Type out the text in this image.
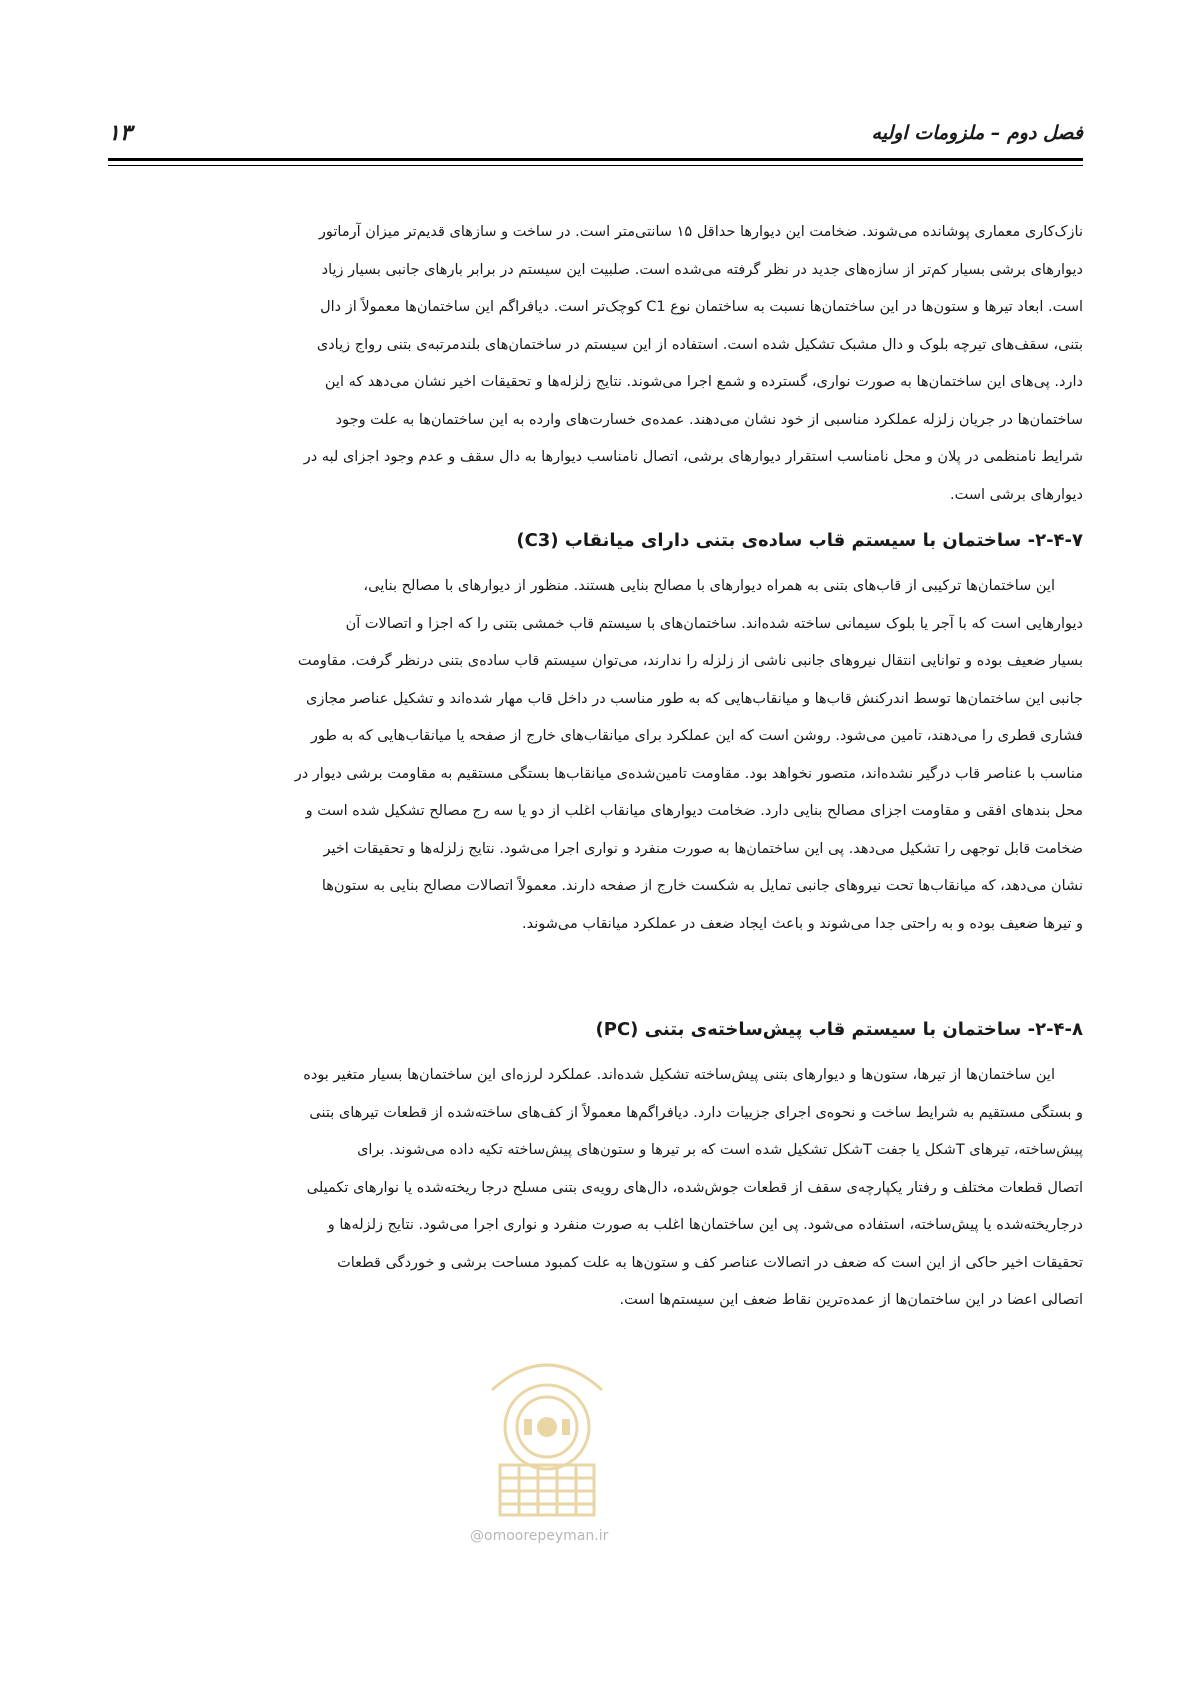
فصل دوم – ملزومات اولیه
۱۳

نازک‌کاری معماری پوشانده می‌شوند. ضخامت این دیوارها حداقل ۱۵ سانتی‌متر است. در ساخت و سازهای قدیم‌تر میزان آرماتور

دیوارهای برشی بسیار کم‌تر از سازه‌های جدید در نظر گرفته می‌شده است. صلبیت این سیستم در برابر بارهای جانبی بسیار زیاد

است. ابعاد تیرها و ستون‌ها در این ساختمان‌ها نسبت به ساختمان نوع C1 کوچک‌تر است. دیافراگم این ساختمان‌ها معمولاً از دال

بتنی، سقف‌های تیرچه بلوک و دال مشبک تشکیل شده است. استفاده از این سیستم در ساختمان‌های بلندمرتبه‌ی بتنی رواج زیادی

دارد. پی‌های این ساختمان‌ها به صورت نواری، گسترده و شمع اجرا می‌شوند. نتایج زلزله‌ها و تحقیقات اخیر نشان می‌دهد که این

ساختمان‌ها در جریان زلزله عملکرد مناسبی از خود نشان می‌دهند. عمده‌ی خسارت‌های وارده به این ساختمان‌ها به علت وجود

شرایط نامنظمی در پلان و محل نامناسب استقرار دیوارهای برشی، اتصال نامناسب دیوارها به دال سقف و عدم وجود اجزای لبه در

دیوارهای برشی است.

۲-۴-۷- ساختمان با سیستم قاب ساده‌ی بتنی دارای میانقاب (C3)

این ساختمان‌ها ترکیبی از قاب‌های بتنی به همراه دیوارهای با مصالح بنایی هستند. منظور از دیوارهای با مصالح بنایی،

دیوارهایی است که با آجر یا بلوک سیمانی ساخته شده‌اند. ساختمان‌های با سیستم قاب خمشی بتنی را که اجزا و اتصالات آن

بسیار ضعیف بوده و توانایی انتقال نیروهای جانبی ناشی از زلزله را ندارند، می‌توان سیستم قاب ساده‌ی بتنی درنظر گرفت. مقاومت

جانبی این ساختمان‌ها توسط اندرکنش قاب‌ها و میانقاب‌هایی که به طور مناسب در داخل قاب مهار شده‌اند و تشکیل عناصر مجازی

فشاری قطری را می‌دهند، تامین می‌شود. روشن است که این عملکرد برای میانقاب‌های خارج از صفحه یا میانقاب‌هایی که به طور

مناسب با عناصر قاب درگیر نشده‌اند، متصور نخواهد بود. مقاومت تامین‌شده‌ی میانقاب‌ها بستگی مستقیم به مقاومت برشی دیوار در

محل بندهای افقی و مقاومت اجزای مصالح بنایی دارد. ضخامت دیوارهای میانقاب اغلب از دو یا سه رج مصالح تشکیل شده است و

ضخامت قابل توجهی را تشکیل می‌دهد. پی این ساختمان‌ها به صورت منفرد و نواری اجرا می‌شود. نتایج زلزله‌ها و تحقیقات اخیر

نشان می‌دهد، که میانقاب‌ها تحت نیروهای جانبی تمایل به شکست خارج از صفحه دارند. معمولاً اتصالات مصالح بنایی به ستون‌ها

و تیرها ضعیف بوده و به راحتی جدا می‌شوند و باعث ایجاد ضعف در عملکرد میانقاب می‌شوند.

۲-۴-۸- ساختمان با سیستم قاب پیش‌ساخته‌ی بتنی (PC)

این ساختمان‌ها از تیرها، ستون‌ها و دیوارهای بتنی پیش‌ساخته تشکیل شده‌اند. عملکرد لرزه‌ای این ساختمان‌ها بسیار متغیر بوده

و بستگی مستقیم به شرایط ساخت و نحوه‌ی اجرای جزییات دارد. دیافراگم‌ها معمولاً از کف‌های ساخته‌شده از قطعات تیرهای بتنی

پیش‌ساخته، تیرهای Tشکل یا جفت Tشکل تشکیل شده است که بر تیرها و ستون‌های پیش‌ساخته تکیه داده می‌شوند. برای

اتصال قطعات مختلف و رفتار یکپارچه‌ی سقف از قطعات جوش‌شده، دال‌های رویه‌ی بتنی مسلح درجا ریخته‌شده یا نوارهای تکمیلی

درجاریخته‌شده یا پیش‌ساخته، استفاده می‌شود. پی این ساختمان‌ها اغلب به صورت منفرد و نواری اجرا می‌شود. نتایج زلزله‌ها و

تحقیقات اخیر حاکی از این است که ضعف در اتصالات عناصر کف و ستون‌ها به علت کمبود مساحت برشی و خوردگی قطعات

اتصالی اعضا در این ساختمان‌ها از عمده‌ترین نقاط ضعف این سیستم‌ها است.

@omoorepeyman.ir
